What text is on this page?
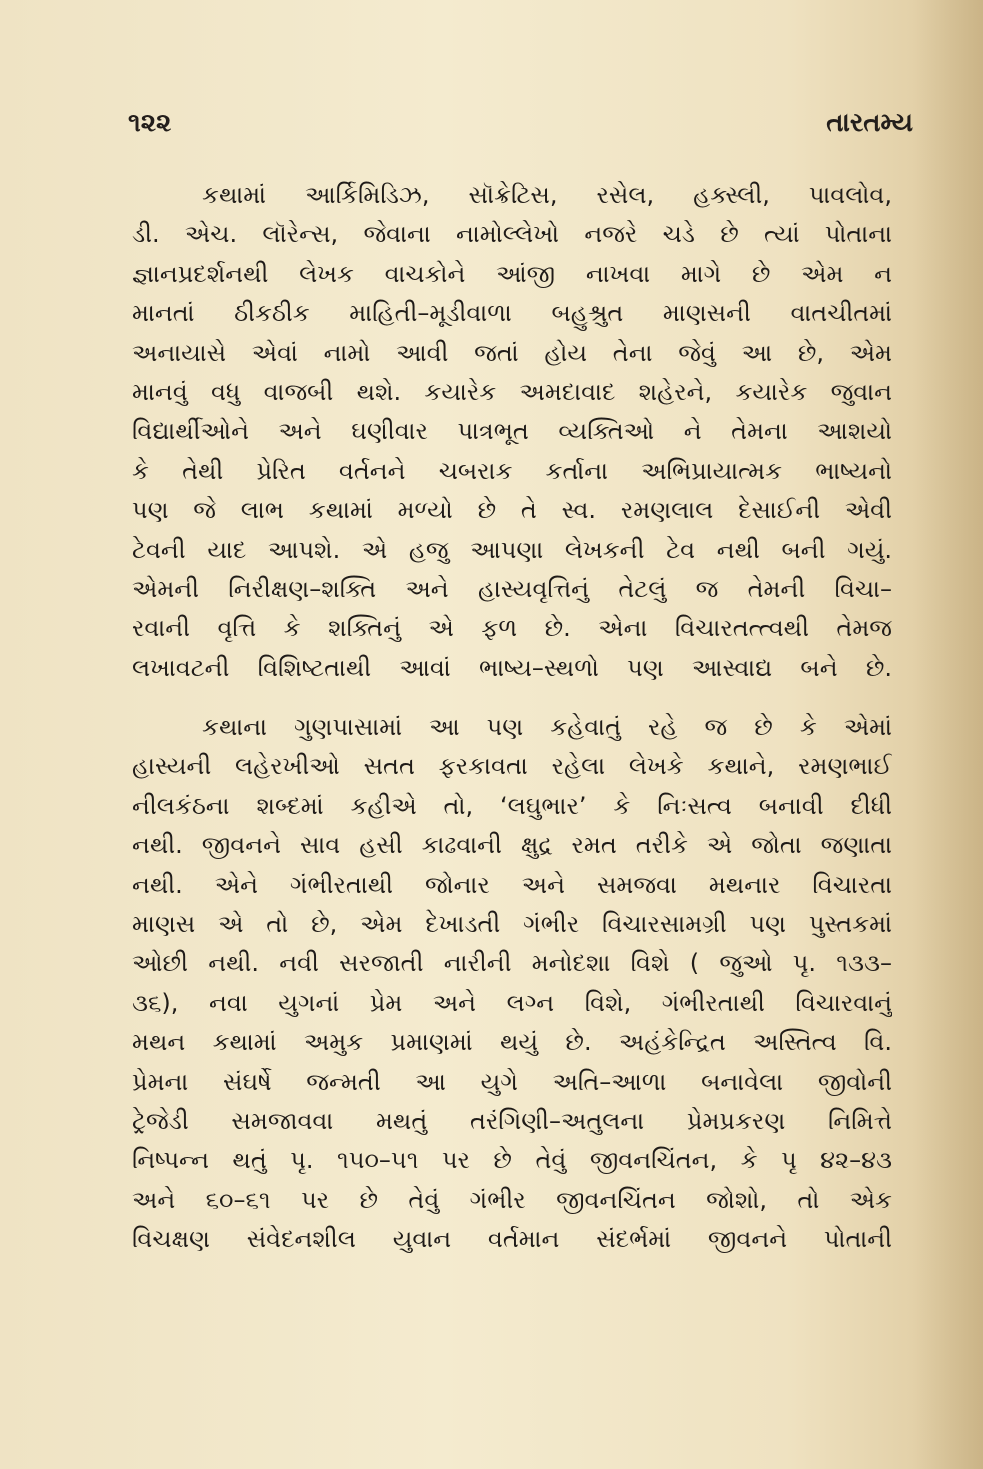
૧૨૨	તારતમ્ય
કથામાં આર્કિમિડિઝ, સૉક્રેટિસ, રસેલ, હક્સ્લી, પાવલોવ,
ડી. એચ. લૉરેન્સ, જેવાના નામોલ્લેખો નજરે ચડે છે ત્યાં પોતાના
જ્ઞાનપ્રદર્શનથી લેખક વાચકોને આંજી નાખવા માગે છે એમ ન
માનતાં ઠીકઠીક માહિતી–મૂડીવાળા બહુશ્રુત માણસની વાતચીતમાં
અનાયાસે એવાં નામો આવી જતાં હોય તેના જેવું આ છે, એમ
માનવું વધુ વાજબી થશે. કયારેક અમદાવાદ શહેરને, કયારેક જુવાન
વિદ્યાર્થીઓને અને ઘણીવાર પાત્રભૂત વ્યક્તિઓ ને તેમના આશયો
કે તેથી પ્રેરિત વર્તનને ચબરાક કર્તાના અભિપ્રાયાત્મક ભાષ્યનો
પણ જે લાભ કથામાં મળ્યો છે તે સ્વ. રમણલાલ દેસાઈની એવી
ટેવની યાદ આપશે. એ હજુ આપણા લેખકની ટેવ નથી બની ગયું.
એમની નિરીક્ષણ–શક્તિ અને હાસ્યવૃત્તિનું તેટલું જ તેમની વિચા–
રવાની વૃત્તિ કે શક્તિનું એ ફળ છે. એના વિચારતત્ત્વથી તેમજ
લખાવટની વિશિષ્ટતાથી આવાં ભાષ્ય–સ્થળો પણ આસ્વાદ્ય બને છે.
કથાના ગુણપાસામાં આ પણ કહેવાતું રહે જ છે કે એમાં
હાસ્યની લહેરખીઓ સતત ફરકાવતા રહેલા લેખકે કથાને, રમણભાઈ
નીલકંઠના શબ્દમાં કહીએ તો, ‘લઘુભાર’ કે નિઃસત્વ બનાવી દીધી
નથી. જીવનને સાવ હસી કાઢવાની ક્ષુદ્ર રમત તરીકે એ જોતા જણાતા
નથી. એને ગંભીરતાથી જોનાર અને સમજવા મથનાર વિચારતા
માણસ એ તો છે, એમ દેખાડતી ગંભીર વિચારસામગ્રી પણ પુસ્તકમાં
ઓછી નથી. નવી સરજાતી નારીની મનોદશા વિશે ( જુઓ પૃ. ૧૩૩–
૩૬), નવા યુગનાં પ્રેમ અને લગ્ન વિશે, ગંભીરતાથી વિચારવાનું
મથન કથામાં અમુક પ્રમાણમાં થયું છે. અહંકેન્દ્રિત અસ્તિત્વ વિ.
પ્રેમના સંઘર્ષે જન્મતી આ યુગે અતિ–આળા બનાવેલા જીવોની
ટ્રેજેડી સમજાવવા મથતું તરંગિણી–અતુલના પ્રેમપ્રકરણ નિમિત્તે
નિષ્પન્ન થતું પૃ. ૧૫૦–૫૧ પર છે તેવું જીવનચિંતન, કે પૃ ૪૨–૪૩
અને ૬૦–૬૧ પર છે તેવું ગંભીર જીવનચિંતન જોશો, તો એક
વિચક્ષણ સંવેદનશીલ યુવાન વર્તમાન સંદર્ભમાં જીવનને પોતાની
